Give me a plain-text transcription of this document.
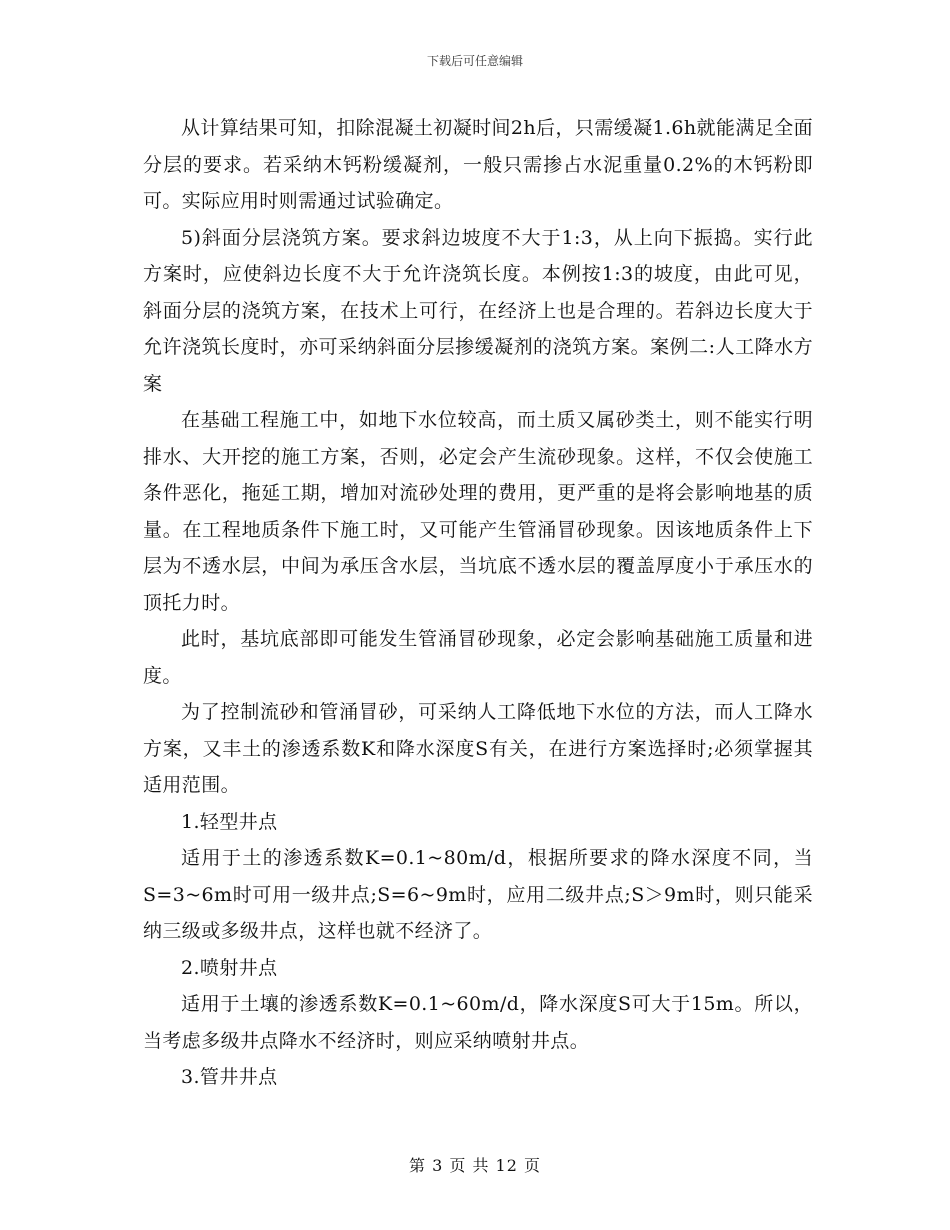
下载后可任意编辑

从计算结果可知，扣除混凝土初凝时间2h后，只需缓凝1.6h就能满足全面分层的要求。若采纳木钙粉缓凝剂，一般只需掺占水泥重量0.2%的木钙粉即可。实际应用时则需通过试验确定。

5)斜面分层浇筑方案。要求斜边坡度不大于1:3，从上向下振捣。实行此方案时，应使斜边长度不大于允许浇筑长度。本例按1:3的坡度，由此可见，斜面分层的浇筑方案，在技术上可行，在经济上也是合理的。若斜边长度大于允许浇筑长度时，亦可采纳斜面分层掺缓凝剂的浇筑方案。案例二:人工降水方案

在基础工程施工中，如地下水位较高，而土质又属砂类土，则不能实行明排水、大开挖的施工方案，否则，必定会产生流砂现象。这样，不仅会使施工条件恶化，拖延工期，增加对流砂处理的费用，更严重的是将会影响地基的质量。在工程地质条件下施工时，又可能产生管涌冒砂现象。因该地质条件上下层为不透水层，中间为承压含水层，当坑底不透水层的覆盖厚度小于承压水的顶托力时。

此时，基坑底部即可能发生管涌冒砂现象，必定会影响基础施工质量和进度。

为了控制流砂和管涌冒砂，可采纳人工降低地下水位的方法，而人工降水方案，又丰土的渗透系数K和降水深度S有关，在进行方案选择时;必须掌握其适用范围。

1.轻型井点

适用于土的渗透系数K=0.1~80m/d，根据所要求的降水深度不同，当S=3~6m时可用一级井点;S=6~9m时，应用二级井点;S＞9m时，则只能采纳三级或多级井点，这样也就不经济了。

2.喷射井点

适用于土壤的渗透系数K=0.1~60m/d，降水深度S可大于15m。所以，当考虑多级井点降水不经济时，则应采纳喷射井点。

3.管井井点

第 3 页 共 12 页
